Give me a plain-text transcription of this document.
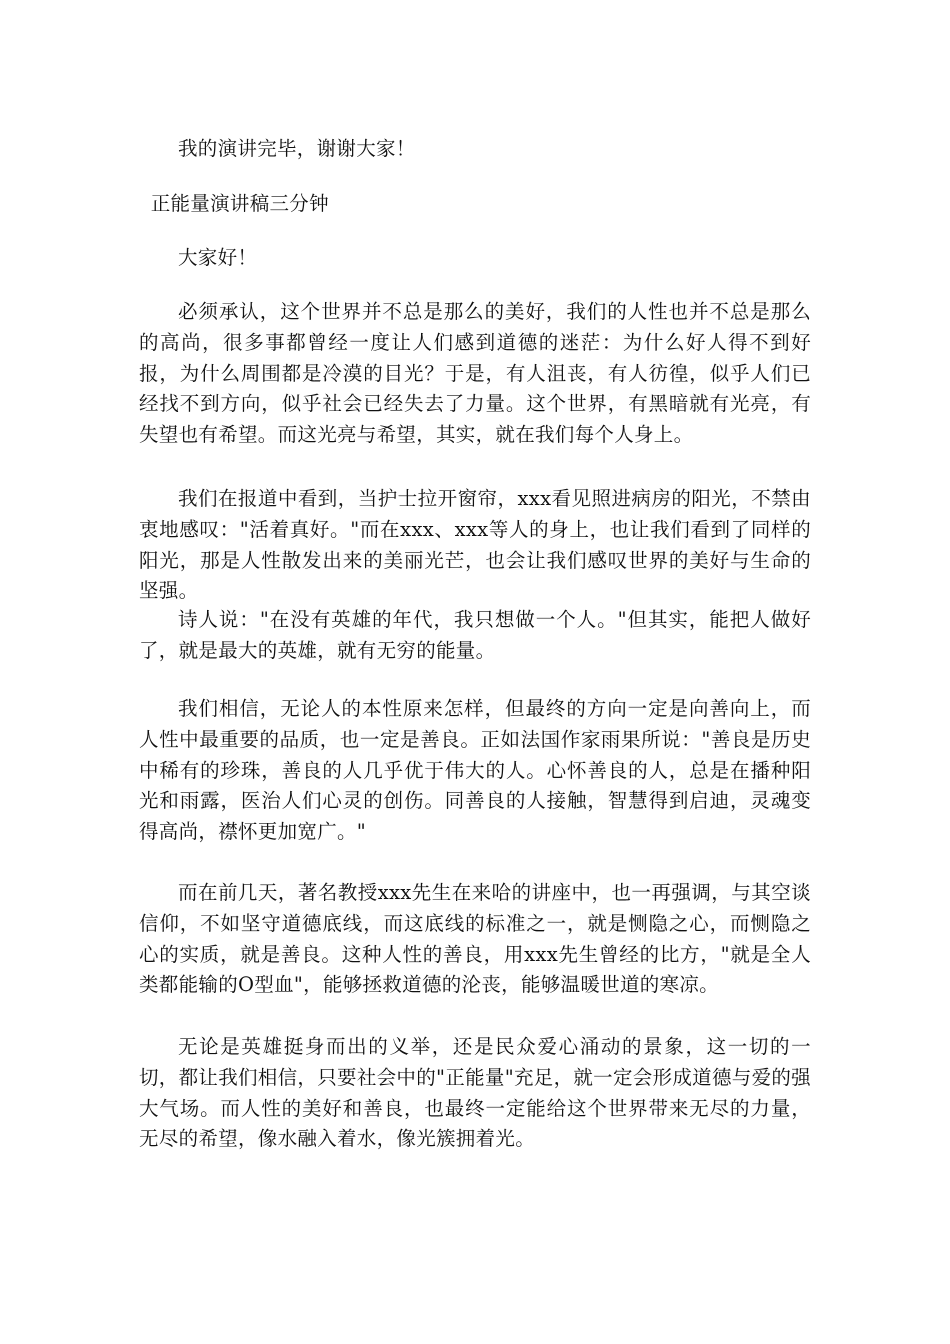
我的演讲完毕，谢谢大家！

正能量演讲稿三分钟

大家好！

必须承认，这个世界并不总是那么的美好，我们的人性也并不总是那么的高尚，很多事都曾经一度让人们感到道德的迷茫：为什么好人得不到好报，为什么周围都是冷漠的目光？于是，有人沮丧，有人彷徨，似乎人们已经找不到方向，似乎社会已经失去了力量。这个世界，有黑暗就有光亮，有失望也有希望。而这光亮与希望，其实，就在我们每个人身上。

我们在报道中看到，当护士拉开窗帘，xxx看见照进病房的阳光，不禁由衷地感叹："活着真好。"而在xxx、xxx等人的身上，也让我们看到了同样的阳光，那是人性散发出来的美丽光芒，也会让我们感叹世界的美好与生命的坚强。

诗人说："在没有英雄的年代，我只想做一个人。"但其实，能把人做好了，就是最大的英雄，就有无穷的能量。

我们相信，无论人的本性原来怎样，但最终的方向一定是向善向上，而人性中最重要的品质，也一定是善良。正如法国作家雨果所说："善良是历史中稀有的珍珠，善良的人几乎优于伟大的人。心怀善良的人，总是在播种阳光和雨露，医治人们心灵的创伤。同善良的人接触，智慧得到启迪，灵魂变得高尚，襟怀更加宽广。"

而在前几天，著名教授xxx先生在来哈的讲座中，也一再强调，与其空谈信仰，不如坚守道德底线，而这底线的标准之一，就是恻隐之心，而恻隐之心的实质，就是善良。这种人性的善良，用xxx先生曾经的比方，"就是全人类都能输的O型血"，能够拯救道德的沦丧，能够温暖世道的寒凉。

无论是英雄挺身而出的义举，还是民众爱心涌动的景象，这一切的一切，都让我们相信，只要社会中的"正能量"充足，就一定会形成道德与爱的强大气场。而人性的美好和善良，也最终一定能给这个世界带来无尽的力量，无尽的希望，像水融入着水，像光簇拥着光。
